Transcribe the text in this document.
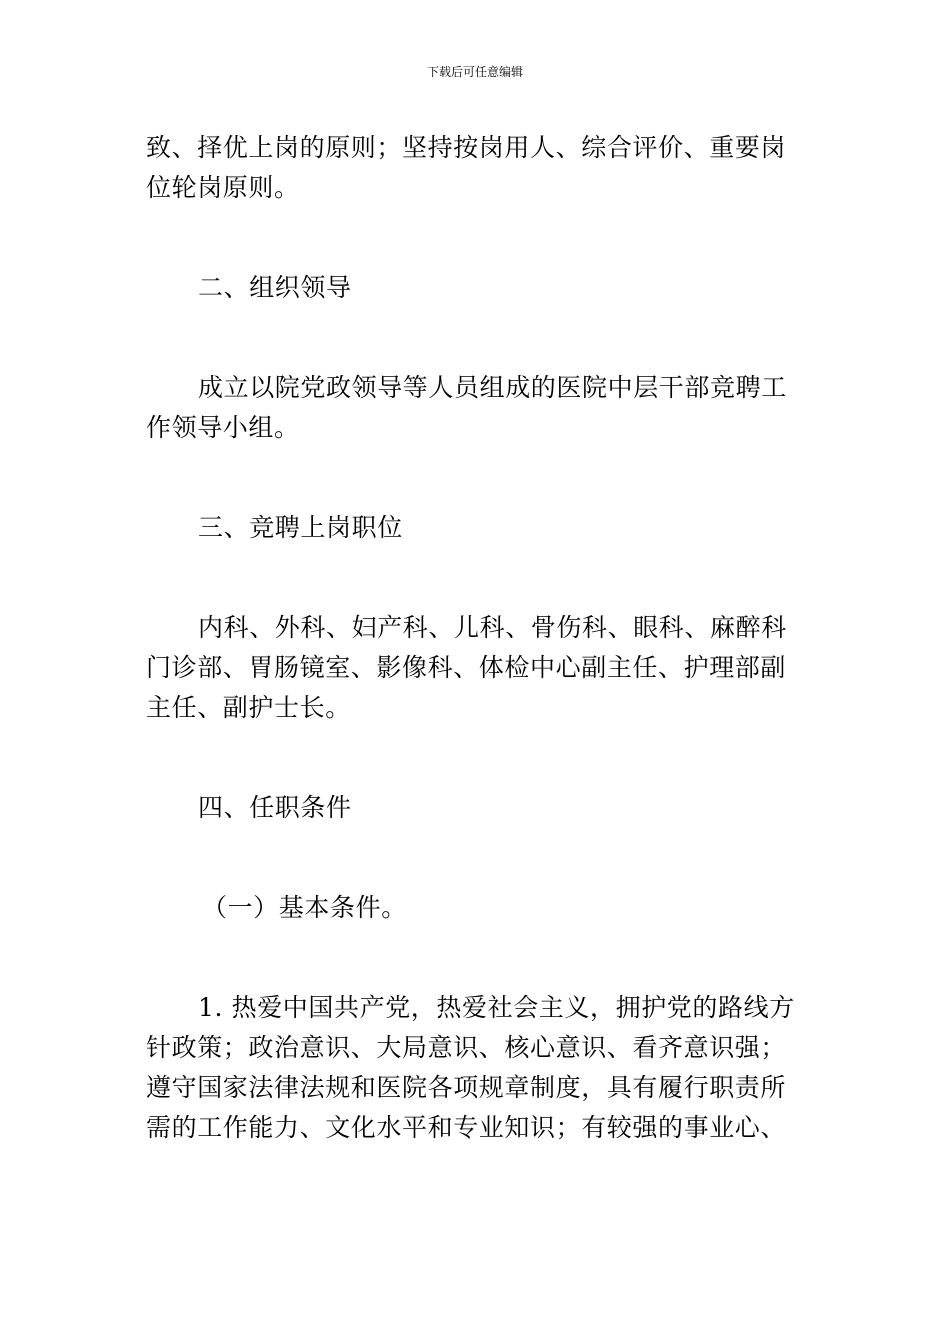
下载后可任意编辑
致、择优上岗的原则；坚持按岗用人、综合评价、重要岗
位轮岗原则。
二、组织领导
成立以院党政领导等人员组成的医院中层干部竞聘工
作领导小组。
三、竞聘上岗职位
内科、外科、妇产科、儿科、骨伤科、眼科、麻醉科
门诊部、胃肠镜室、影像科、体检中心副主任、护理部副
主任、副护士长。
四、任职条件
（一）基本条件。
1. 热爱中国共产党，热爱社会主义，拥护党的路线方
针政策；政治意识、大局意识、核心意识、看齐意识强；
遵守国家法律法规和医院各项规章制度，具有履行职责所
需的工作能力、文化水平和专业知识；有较强的事业心、
